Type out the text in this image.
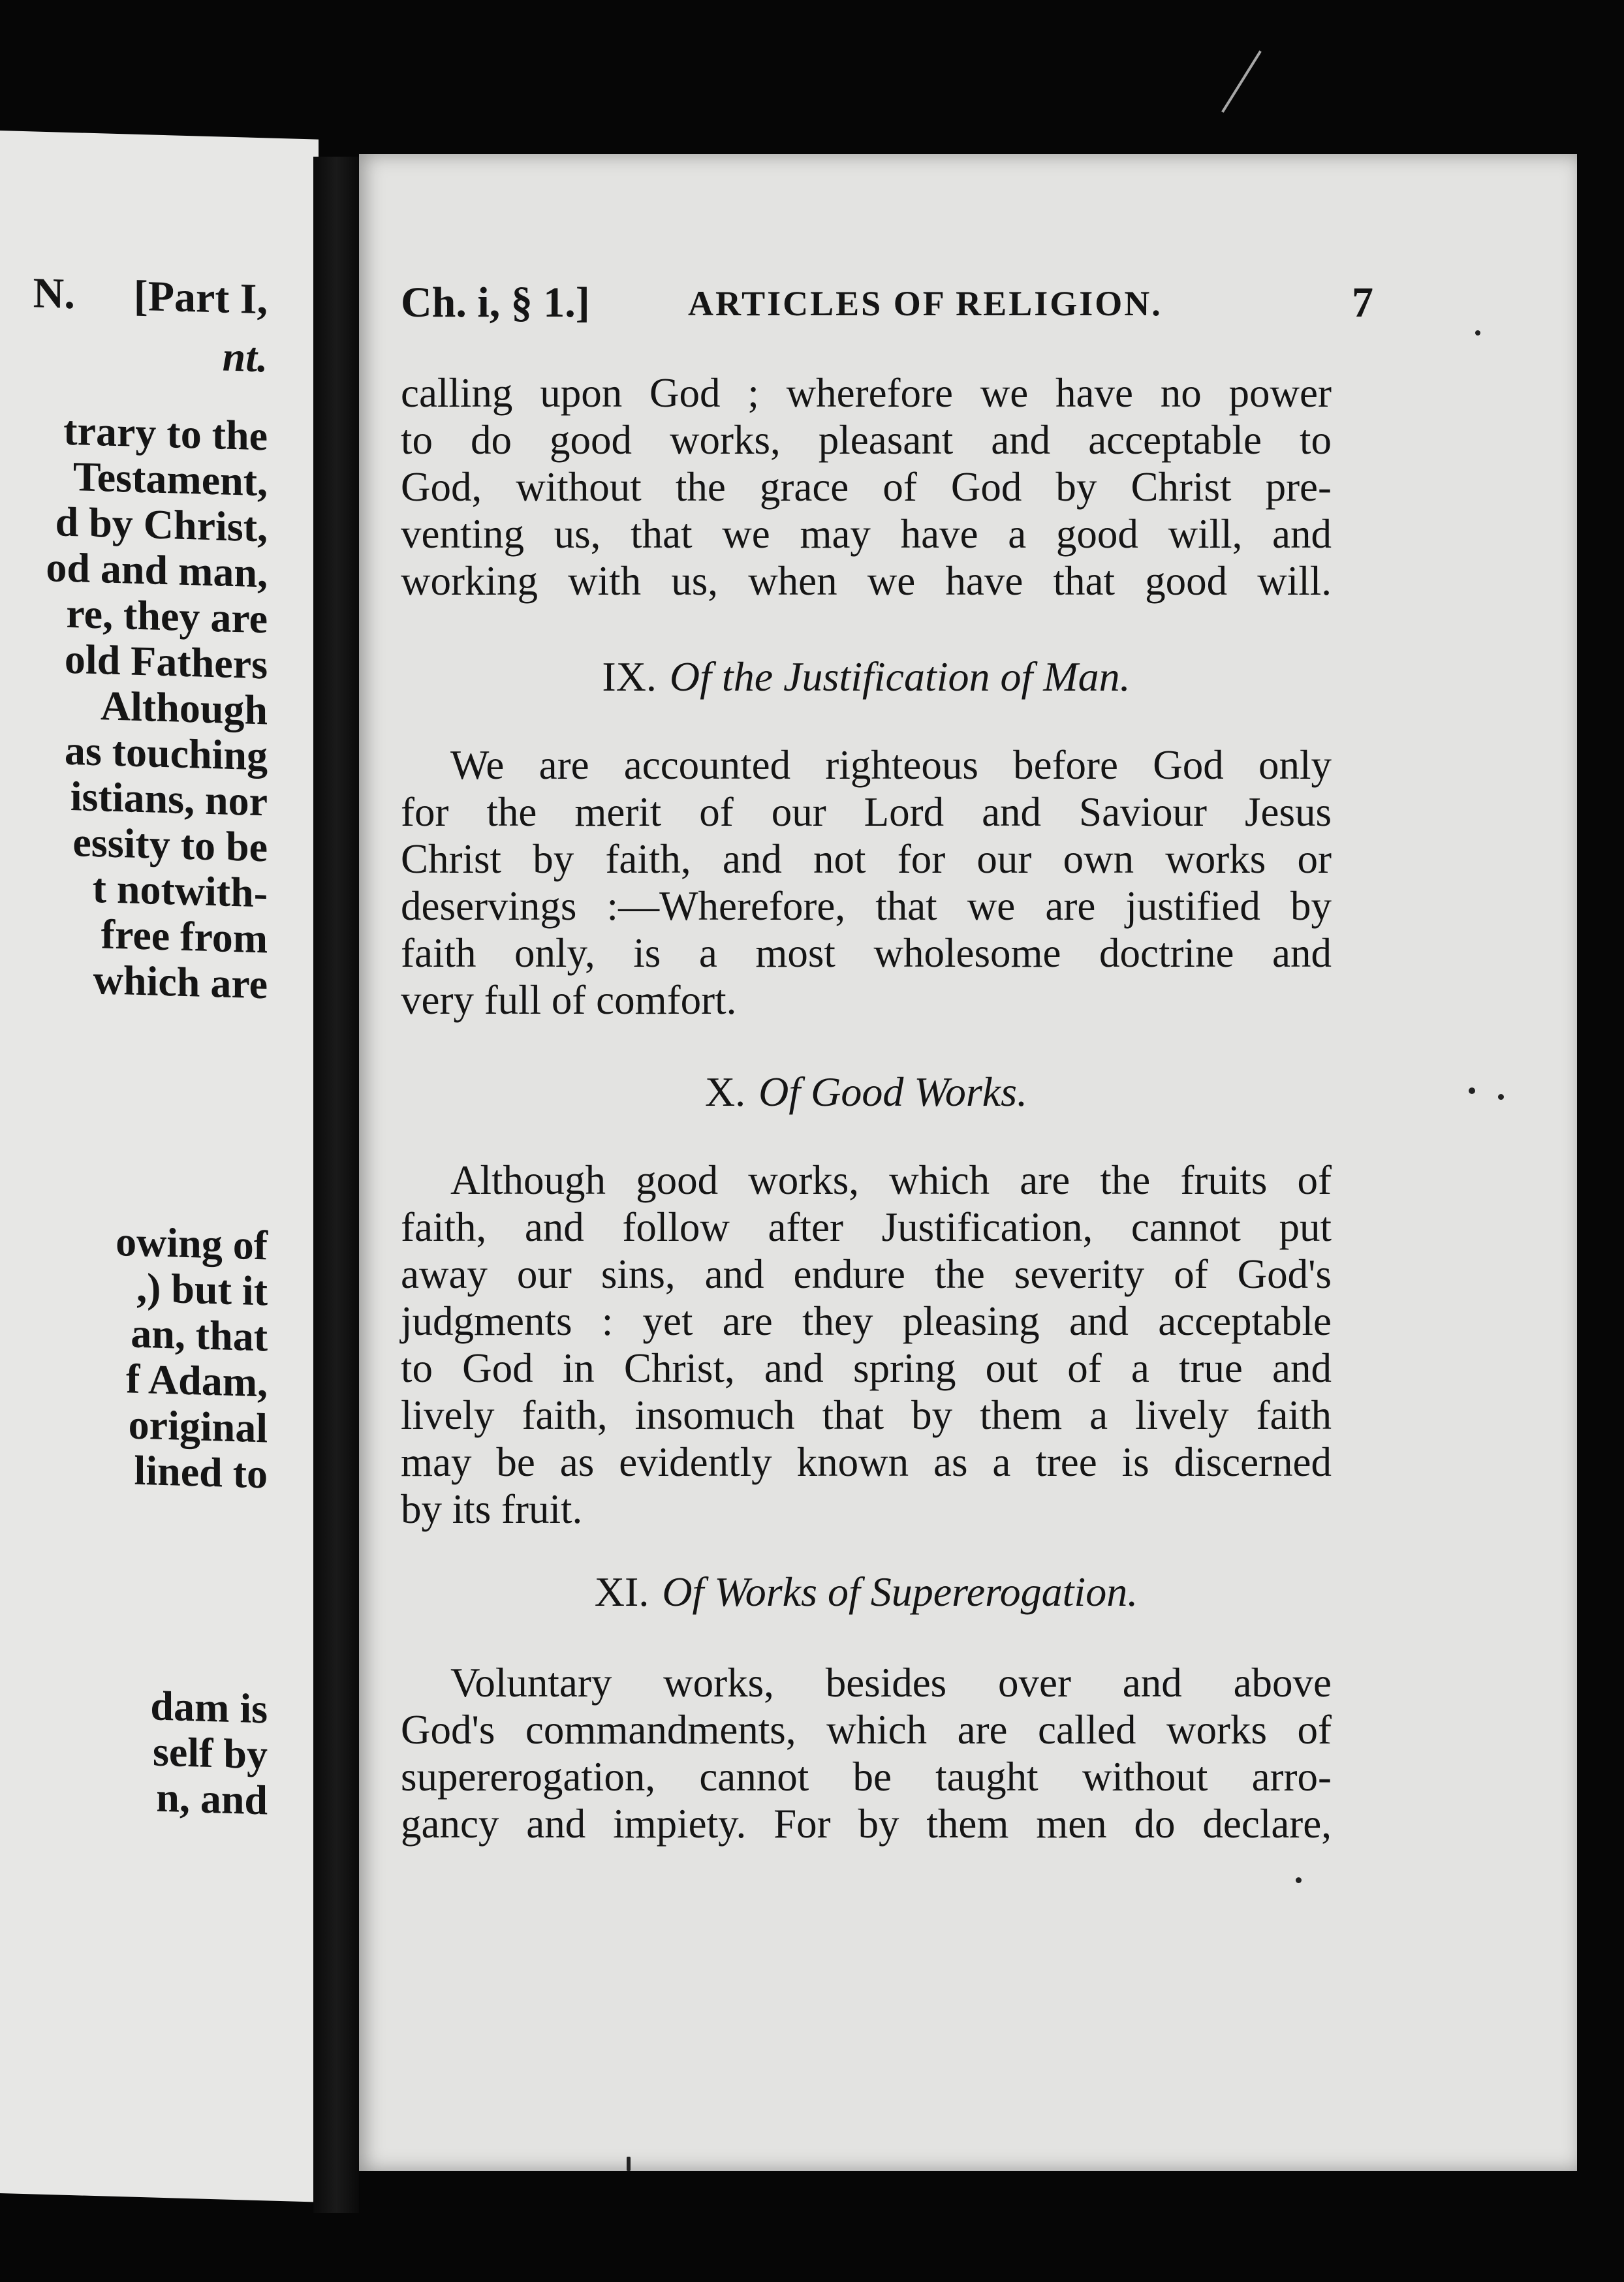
N. [Part I,
nt.
trary to the
Testament,
d by Christ,
od and man,
re, they are
old Fathers
Although
as touching
istians, nor
essity to be
t notwith-
free from
which are
owing of
,) but it
an, that
f Adam,
original
lined to
dam is
self by
n, and
Ch. i, § 1.]	ARTICLES OF RELIGION.	7
calling upon God ; wherefore we have no power
to do good works, pleasant and acceptable to
God, without the grace of God by Christ pre-
venting us, that we may have a good will, and
working with us, when we have that good will.
IX. Of the Justification of Man.
We are accounted righteous before God only
for the merit of our Lord and Saviour Jesus
Christ by faith, and not for our own works or
deservings :—Wherefore, that we are justified by
faith only, is a most wholesome doctrine and
very full of comfort.
X. Of Good Works.
Although good works, which are the fruits of
faith, and follow after Justification, cannot put
away our sins, and endure the severity of God's
judgments : yet are they pleasing and acceptable
to God in Christ, and spring out of a true and
lively faith, insomuch that by them a lively faith
may be as evidently known as a tree is discerned
by its fruit.
XI. Of Works of Supererogation.
Voluntary works, besides over and above
God's commandments, which are called works of
supererogation, cannot be taught without arro-
gancy and impiety. For by them men do declare,
